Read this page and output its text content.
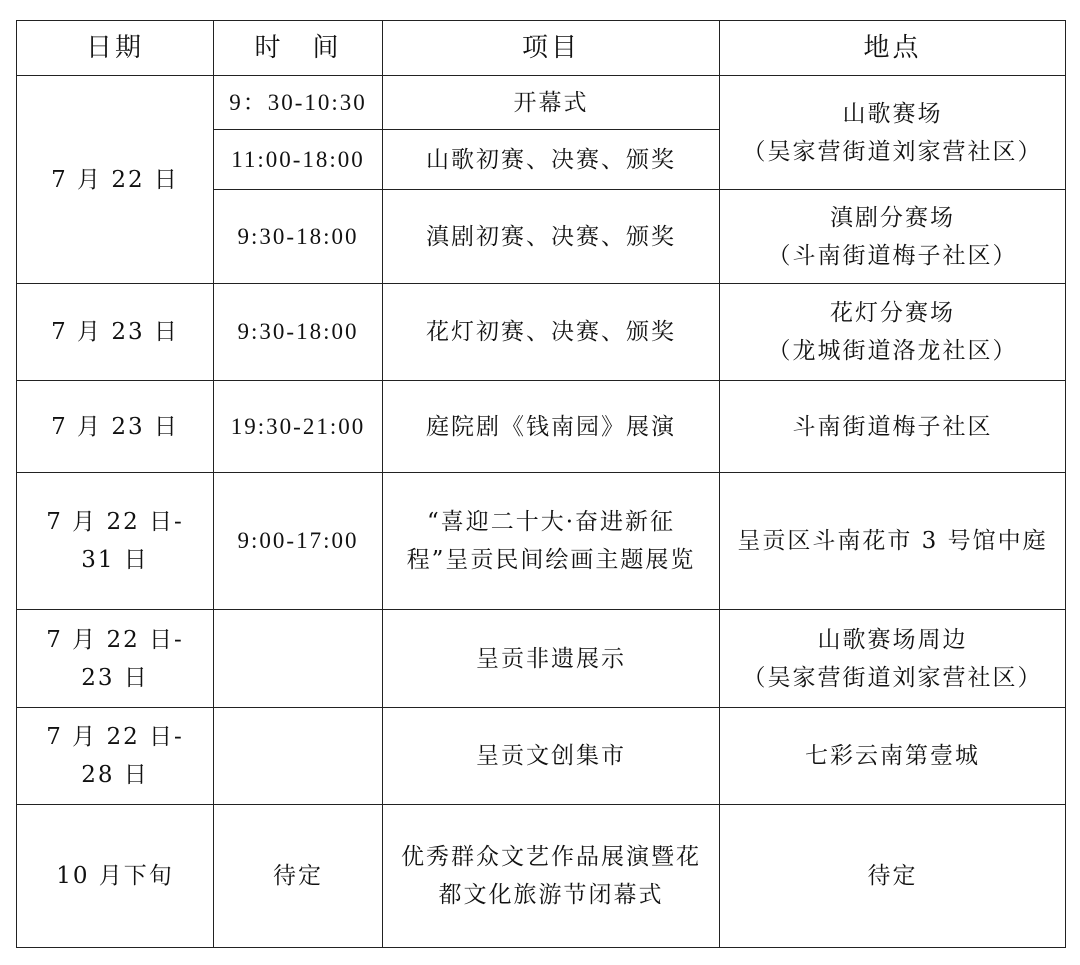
日期	时　间	项目	地点
7 月 22 日	9：30-10:30	开幕式	山歌赛场
（吴家营街道刘家营社区）

	11:00-18:00	山歌初赛、决赛、颁奖	
	9:30-18:00	滇剧初赛、决赛、颁奖	滇剧分赛场
（斗南街道梅子社区）

7 月 23 日	9:30-18:00	花灯初赛、决赛、颁奖	花灯分赛场
（龙城街道洛龙社区）

7 月 23 日	19:30-21:00	庭院剧《钱南园》展演	斗南街道梅子社区

7 月 22 日-
31 日	9:00-17:00	“喜迎二十大·奋进新征
程”呈贡民间绘画主题展览	呈贡区斗南花市 3 号馆中庭

7 月 22 日-
23 日		呈贡非遗展示	山歌赛场周边
（吴家营街道刘家营社区）

7 月 22 日-
28 日		呈贡文创集市	七彩云南第壹城
10 月下旬	待定	优秀群众文艺作品展演暨花
都文化旅游节闭幕式	待定
